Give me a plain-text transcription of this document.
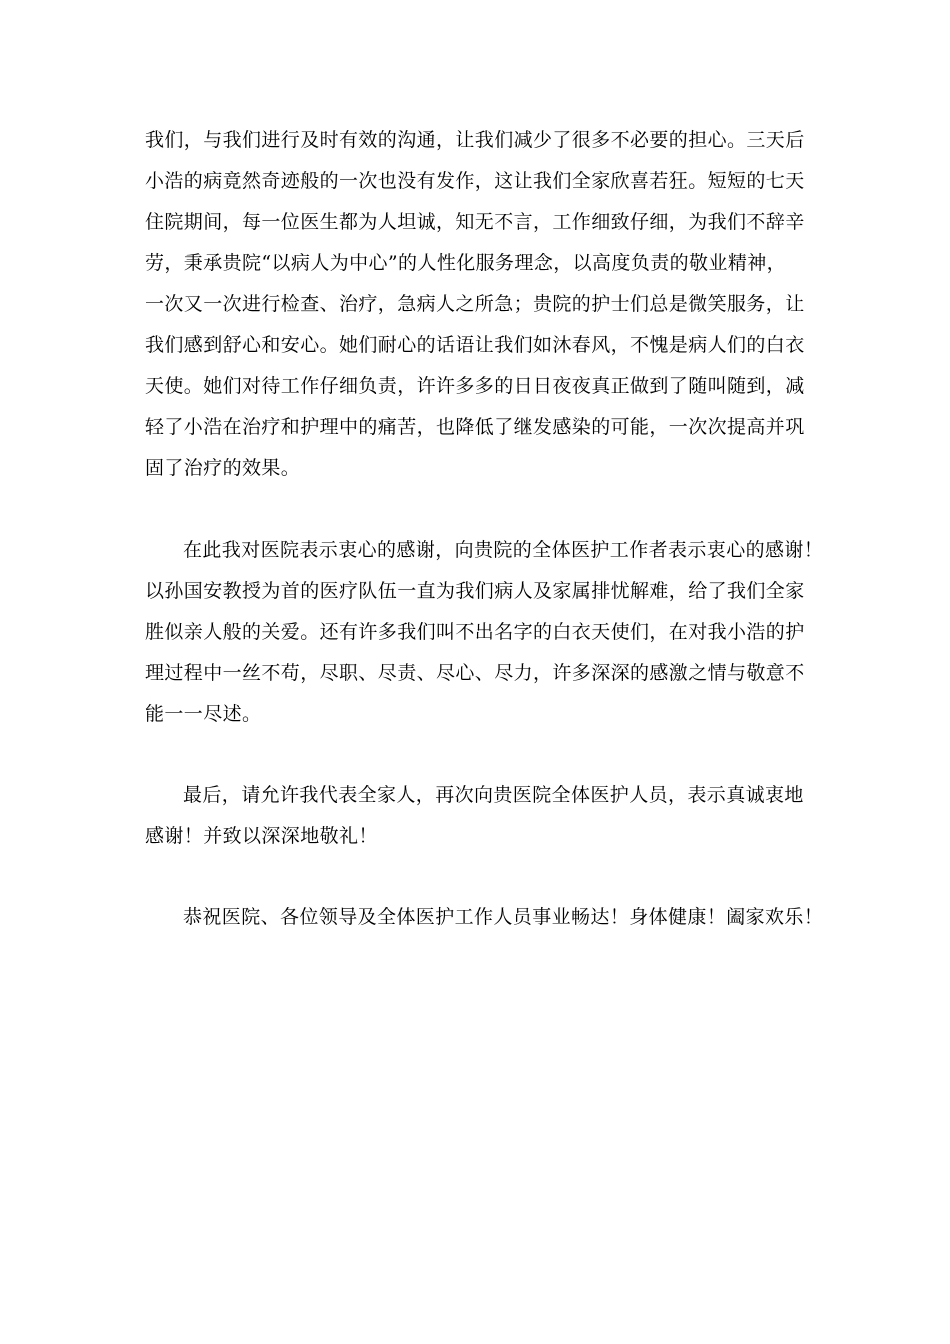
我们，与我们进行及时有效的沟通，让我们减少了很多不必要的担心。三天后
小浩的病竟然奇迹般的一次也没有发作，这让我们全家欣喜若狂。短短的七天
住院期间，每一位医生都为人坦诚，知无不言，工作细致仔细，为我们不辞辛
劳，秉承贵院“以病人为中心”的人性化服务理念，以高度负责的敬业精神，
一次又一次进行检查、治疗，急病人之所急；贵院的护士们总是微笑服务，让
我们感到舒心和安心。她们耐心的话语让我们如沐春风，不愧是病人们的白衣
天使。她们对待工作仔细负责，许许多多的日日夜夜真正做到了随叫随到，减
轻了小浩在治疗和护理中的痛苦，也降低了继发感染的可能，一次次提高并巩
固了治疗的效果。
在此我对医院表示衷心的感谢，向贵院的全体医护工作者表示衷心的感谢！
以孙国安教授为首的医疗队伍一直为我们病人及家属排忧解难，给了我们全家
胜似亲人般的关爱。还有许多我们叫不出名字的白衣天使们，在对我小浩的护
理过程中一丝不苟，尽职、尽责、尽心、尽力，许多深深的感激之情与敬意不
能一一尽述。
最后，请允许我代表全家人，再次向贵医院全体医护人员，表示真诚衷地
感谢！并致以深深地敬礼！
恭祝医院、各位领导及全体医护工作人员事业畅达！身体健康！阖家欢乐！
